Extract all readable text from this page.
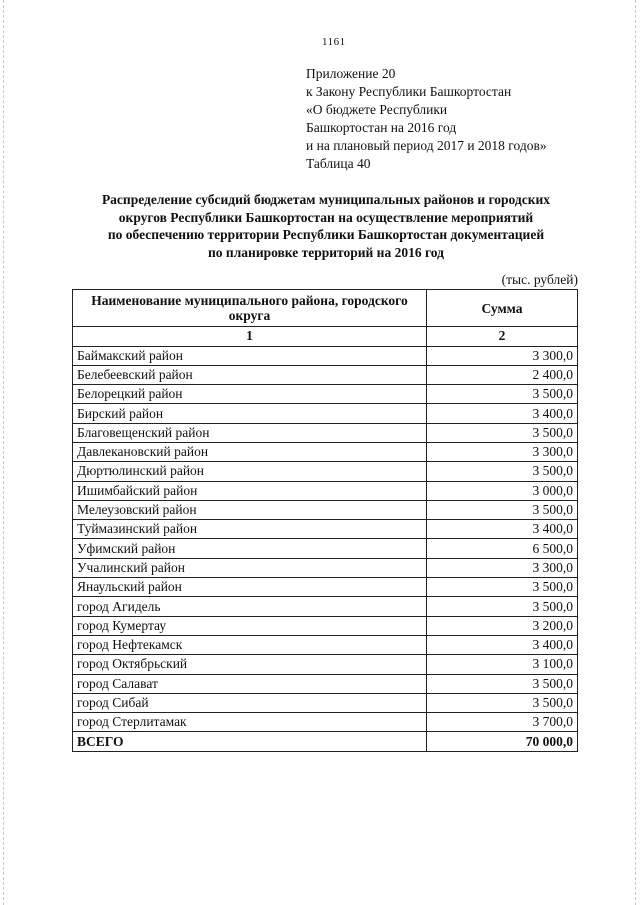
1161
Приложение 20
к Закону Республики Башкортостан
«О бюджете Республики
Башкортостан на 2016 год
и на плановый период 2017 и 2018 годов»
Таблица 40
Распределение субсидий бюджетам муниципальных районов и городских
округов Республики Башкортостан на осуществление мероприятий
по обеспечению территории Республики Башкортостан документацией
по планировке территорий на 2016 год
(тыс. рублей)
Наименование муниципального района, городского округа	Сумма
1	2
Баймакский район	3 300,0
Белебеевский район	2 400,0
Белорецкий район	3 500,0
Бирский район	3 400,0
Благовещенский район	3 500,0
Давлекановский район	3 300,0
Дюртюлинский район	3 500,0
Ишимбайский район	3 000,0
Мелеузовский район	3 500,0
Туймазинский район	3 400,0
Уфимский район	6 500,0
Учалинский район	3 300,0
Янаульский район	3 500,0
город Агидель	3 500,0
город Кумертау	3 200,0
город Нефтекамск	3 400,0
город Октябрьский	3 100,0
город Салават	3 500,0
город Сибай	3 500,0
город Стерлитамак	3 700,0
ВСЕГО	70 000,0
